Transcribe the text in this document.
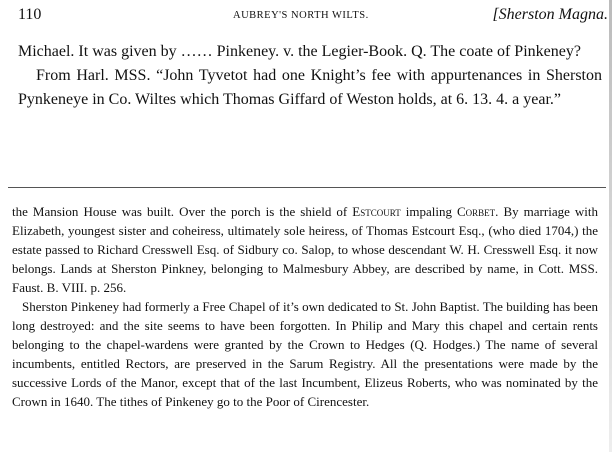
110	AUBREY'S NORTH WILTS.	[Sherston Magna.

Michael. It was given by …… Pinkeney. v. the Legier-Book. Q. The coate of Pinkeney?

From Harl. MSS. “John Tyvetot had one Knight’s fee with appurtenances in Sherston Pynkeneye in Co. Wiltes which Thomas Giffard of Weston holds, at 6. 13. 4. a year.”

the Mansion House was built. Over the porch is the shield of Estcourt impaling Corbet. By marriage with Elizabeth, youngest sister and coheiress, ultimately sole heiress, of Thomas Estcourt Esq., (who died 1704,) the estate passed to Richard Cresswell Esq. of Sidbury co. Salop, to whose descendant W. H. Cresswell Esq. it now belongs. Lands at Sherston Pinkney, belonging to Malmesbury Abbey, are described by name, in Cott. MSS. Faust. B. VIII. p. 256.

Sherston Pinkeney had formerly a Free Chapel of it’s own dedicated to St. John Baptist. The building has been long destroyed: and the site seems to have been forgotten. In Philip and Mary this chapel and certain rents belonging to the chapel-wardens were granted by the Crown to Hedges (Q. Hodges.) The name of several incumbents, entitled Rectors, are preserved in the Sarum Registry. All the presentations were made by the successive Lords of the Manor, except that of the last Incumbent, Elizeus Roberts, who was nominated by the Crown in 1640. The tithes of Pinkeney go to the Poor of Cirencester.
